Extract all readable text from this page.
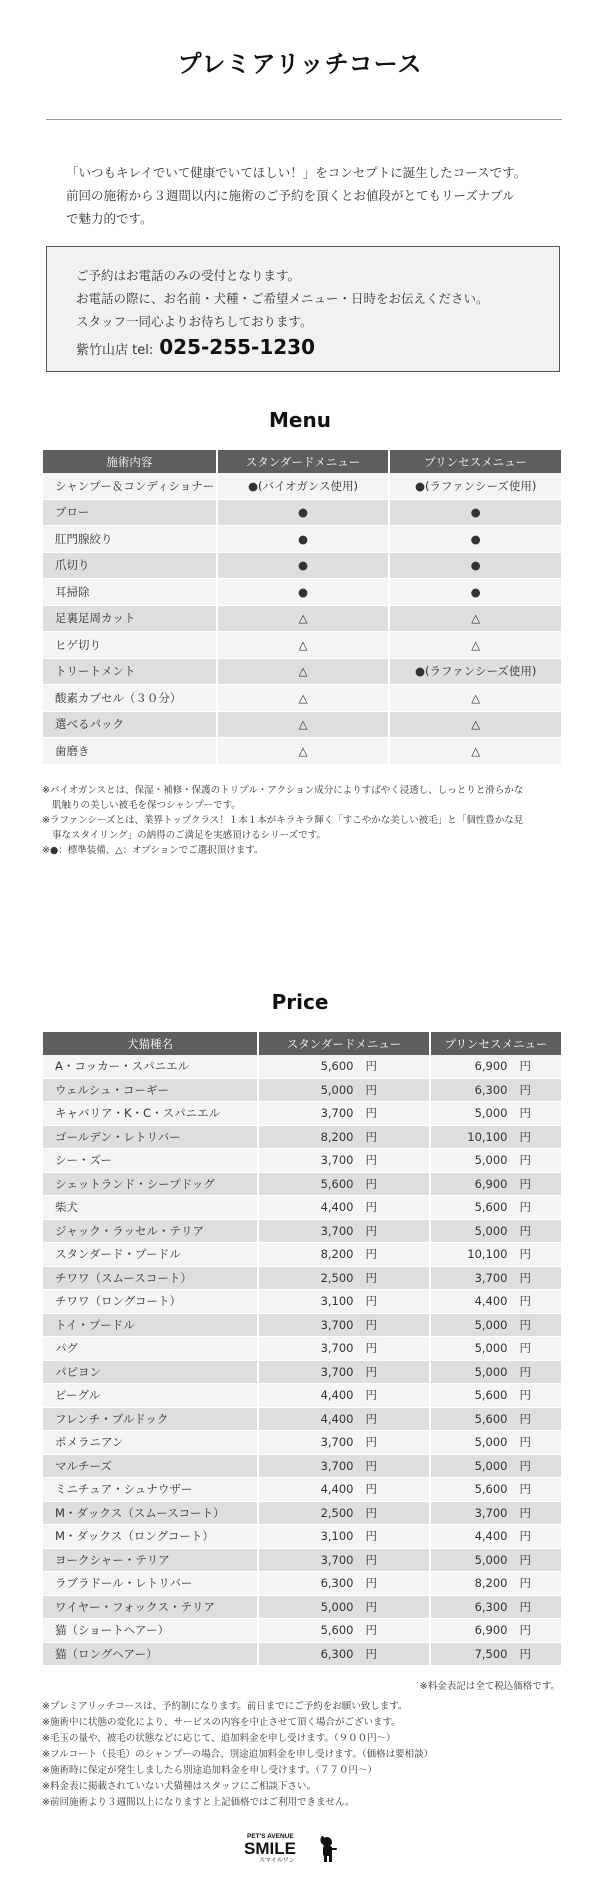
プレミアリッチコース

「いつもキレイでいて健康でいてほしい！」をコンセプトに誕生したコースです。

前回の施術から３週間以内に施術のご予約を頂くとお値段がとてもリーズナブル

で魅力的です。

ご予約はお電話のみの受付となります。

お電話の際に、お名前・犬種・ご希望メニュー・日時をお伝えください。

スタッフ一同心よりお待ちしております。

紫竹山店 tel: 025-255-1230
Menu
施術内容	スタンダードメニュー	プリンセスメニュー
シャンプー＆コンディショナー	●(バイオガンス使用)	●(ラファンシーズ使用)
ブロー	●	●
肛門腺絞り	●	●
爪切り	●	●
耳掃除	●	●
足裏足周カット	△	△
ヒゲ切り	△	△
トリートメント	△	●(ラファンシーズ使用)
酸素カプセル（３０分）	△	△
選べるパック	△	△
歯磨き	△	△

※バイオガンスとは、保湿・補修・保護のトリプル・アクション成分によりすばやく浸透し、しっとりと滑らかな

肌触りの美しい被毛を保つシャンプーです。

※ラファンシーズとは、業界トップクラス！１本１本がキラキラ輝く「すこやかな美しい被毛」と「個性豊かな見

事なスタイリング」の納得のご満足を実感頂けるシリーズです。

※●：標準装備、△：オプションでご選択頂けます。

Price
犬猫種名	スタンダードメニュー	プリンセスメニュー
A・コッカー・スパニエル	5,600 円	6,900 円
ウェルシュ・コーギー	5,000 円	6,300 円
キャバリア・K・C・スパニエル	3,700 円	5,000 円
ゴールデン・レトリバー	8,200 円	10,100 円
シー・ズー	3,700 円	5,000 円
シェットランド・シープドッグ	5,600 円	6,900 円
柴犬	4,400 円	5,600 円
ジャック・ラッセル・テリア	3,700 円	5,000 円
スタンダード・プードル	8,200 円	10,100 円
チワワ（スムースコート）	2,500 円	3,700 円
チワワ（ロングコート）	3,100 円	4,400 円
トイ・プードル	3,700 円	5,000 円
パグ	3,700 円	5,000 円
パピヨン	3,700 円	5,000 円
ビーグル	4,400 円	5,600 円
フレンチ・ブルドック	4,400 円	5,600 円
ポメラニアン	3,700 円	5,000 円
マルチーズ	3,700 円	5,000 円
ミニチュア・シュナウザー	4,400 円	5,600 円
M・ダックス（スムースコート）	2,500 円	3,700 円
M・ダックス（ロングコート）	3,100 円	4,400 円
ヨークシャー・テリア	3,700 円	5,000 円
ラブラドール・レトリバー	6,300 円	8,200 円
ワイヤー・フォックス・テリア	5,000 円	6,300 円
猫（ショートヘアー）	5,600 円	6,900 円
猫（ロングヘアー）	6,300 円	7,500 円
※料金表記は全て税込価格です。

※プレミアリッチコースは、予約制になります。前日までにご予約をお願い致します。

※施術中に状態の変化により、サービスの内容を中止させて頂く場合がございます。

※毛玉の量や、被毛の状態などに応じて、追加料金を申し受けます。（９００円〜）

※フルコート（長毛）のシャンプーの場合、別途追加料金を申し受けます。（価格は要相談）

※施術時に保定が発生しましたら別途追加料金を申し受けます。（７７０円〜）

※料金表に掲載されていない犬猫種はスタッフにご相談下さい。

※前回施術より３週間以上になりますと上記価格ではご利用できません。

PET'S AVENUE
SMILE
スマイルワン
